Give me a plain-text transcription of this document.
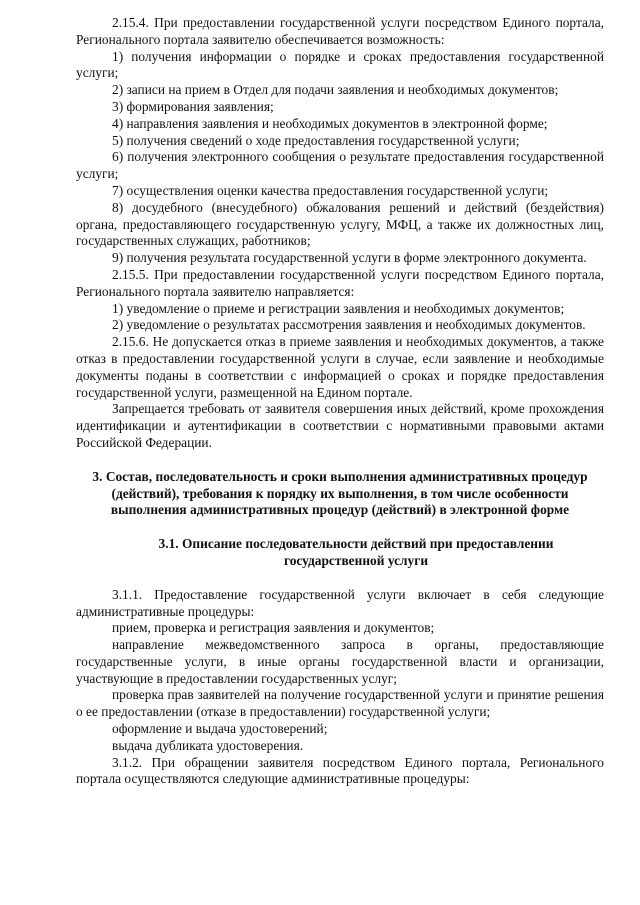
2.15.4. При предоставлении государственной услуги посредством Единого портала, Регионального портала заявителю обеспечивается возможность:

1) получения информации о порядке и сроках предоставления государственной услуги;

2) записи на прием в Отдел для подачи заявления и необходимых документов;

3) формирования заявления;

4) направления заявления и необходимых документов в электронной форме;

5) получения сведений о ходе предоставления государственной услуги;

6) получения электронного сообщения о результате предоставления государственной услуги;

7) осуществления оценки качества предоставления государственной услуги;

8) досудебного (внесудебного) обжалования решений и действий (бездействия) органа, предоставляющего государственную услугу, МФЦ, а также их должностных лиц, государственных служащих, работников;

9) получения результата государственной услуги в форме электронного документа.

2.15.5. При предоставлении государственной услуги посредством Единого портала, Регионального портала заявителю направляется:

1) уведомление о приеме и регистрации заявления и необходимых документов;

2) уведомление о результатах рассмотрения заявления и необходимых документов.

2.15.6. Не допускается отказ в приеме заявления и необходимых документов, а также отказ в предоставлении государственной услуги в случае, если заявление и необходимые документы поданы в соответствии с информацией о сроках и порядке предоставления государственной услуги, размещенной на Едином портале.

Запрещается требовать от заявителя совершения иных действий, кроме прохождения идентификации и аутентификации в соответствии с нормативными правовыми актами Российской Федерации.

3. Состав, последовательность и сроки выполнения административных процедур (действий), требования к порядку их выполнения, в том числе особенности выполнения административных процедур (действий) в электронной форме

3.1. Описание последовательности действий при предоставлении государственной услуги

3.1.1. Предоставление государственной услуги включает в себя следующие административные процедуры:

прием, проверка и регистрация заявления и документов;

направление межведомственного запроса в органы, предоставляющие государственные услуги, в иные органы государственной власти и организации, участвующие в предоставлении государственных услуг;

проверка прав заявителей на получение государственной услуги и принятие решения о ее предоставлении (отказе в предоставлении) государственной услуги;

оформление и выдача удостоверений;

выдача дубликата удостоверения.

3.1.2. При обращении заявителя посредством Единого портала, Регионального портала осуществляются следующие административные процедуры:
